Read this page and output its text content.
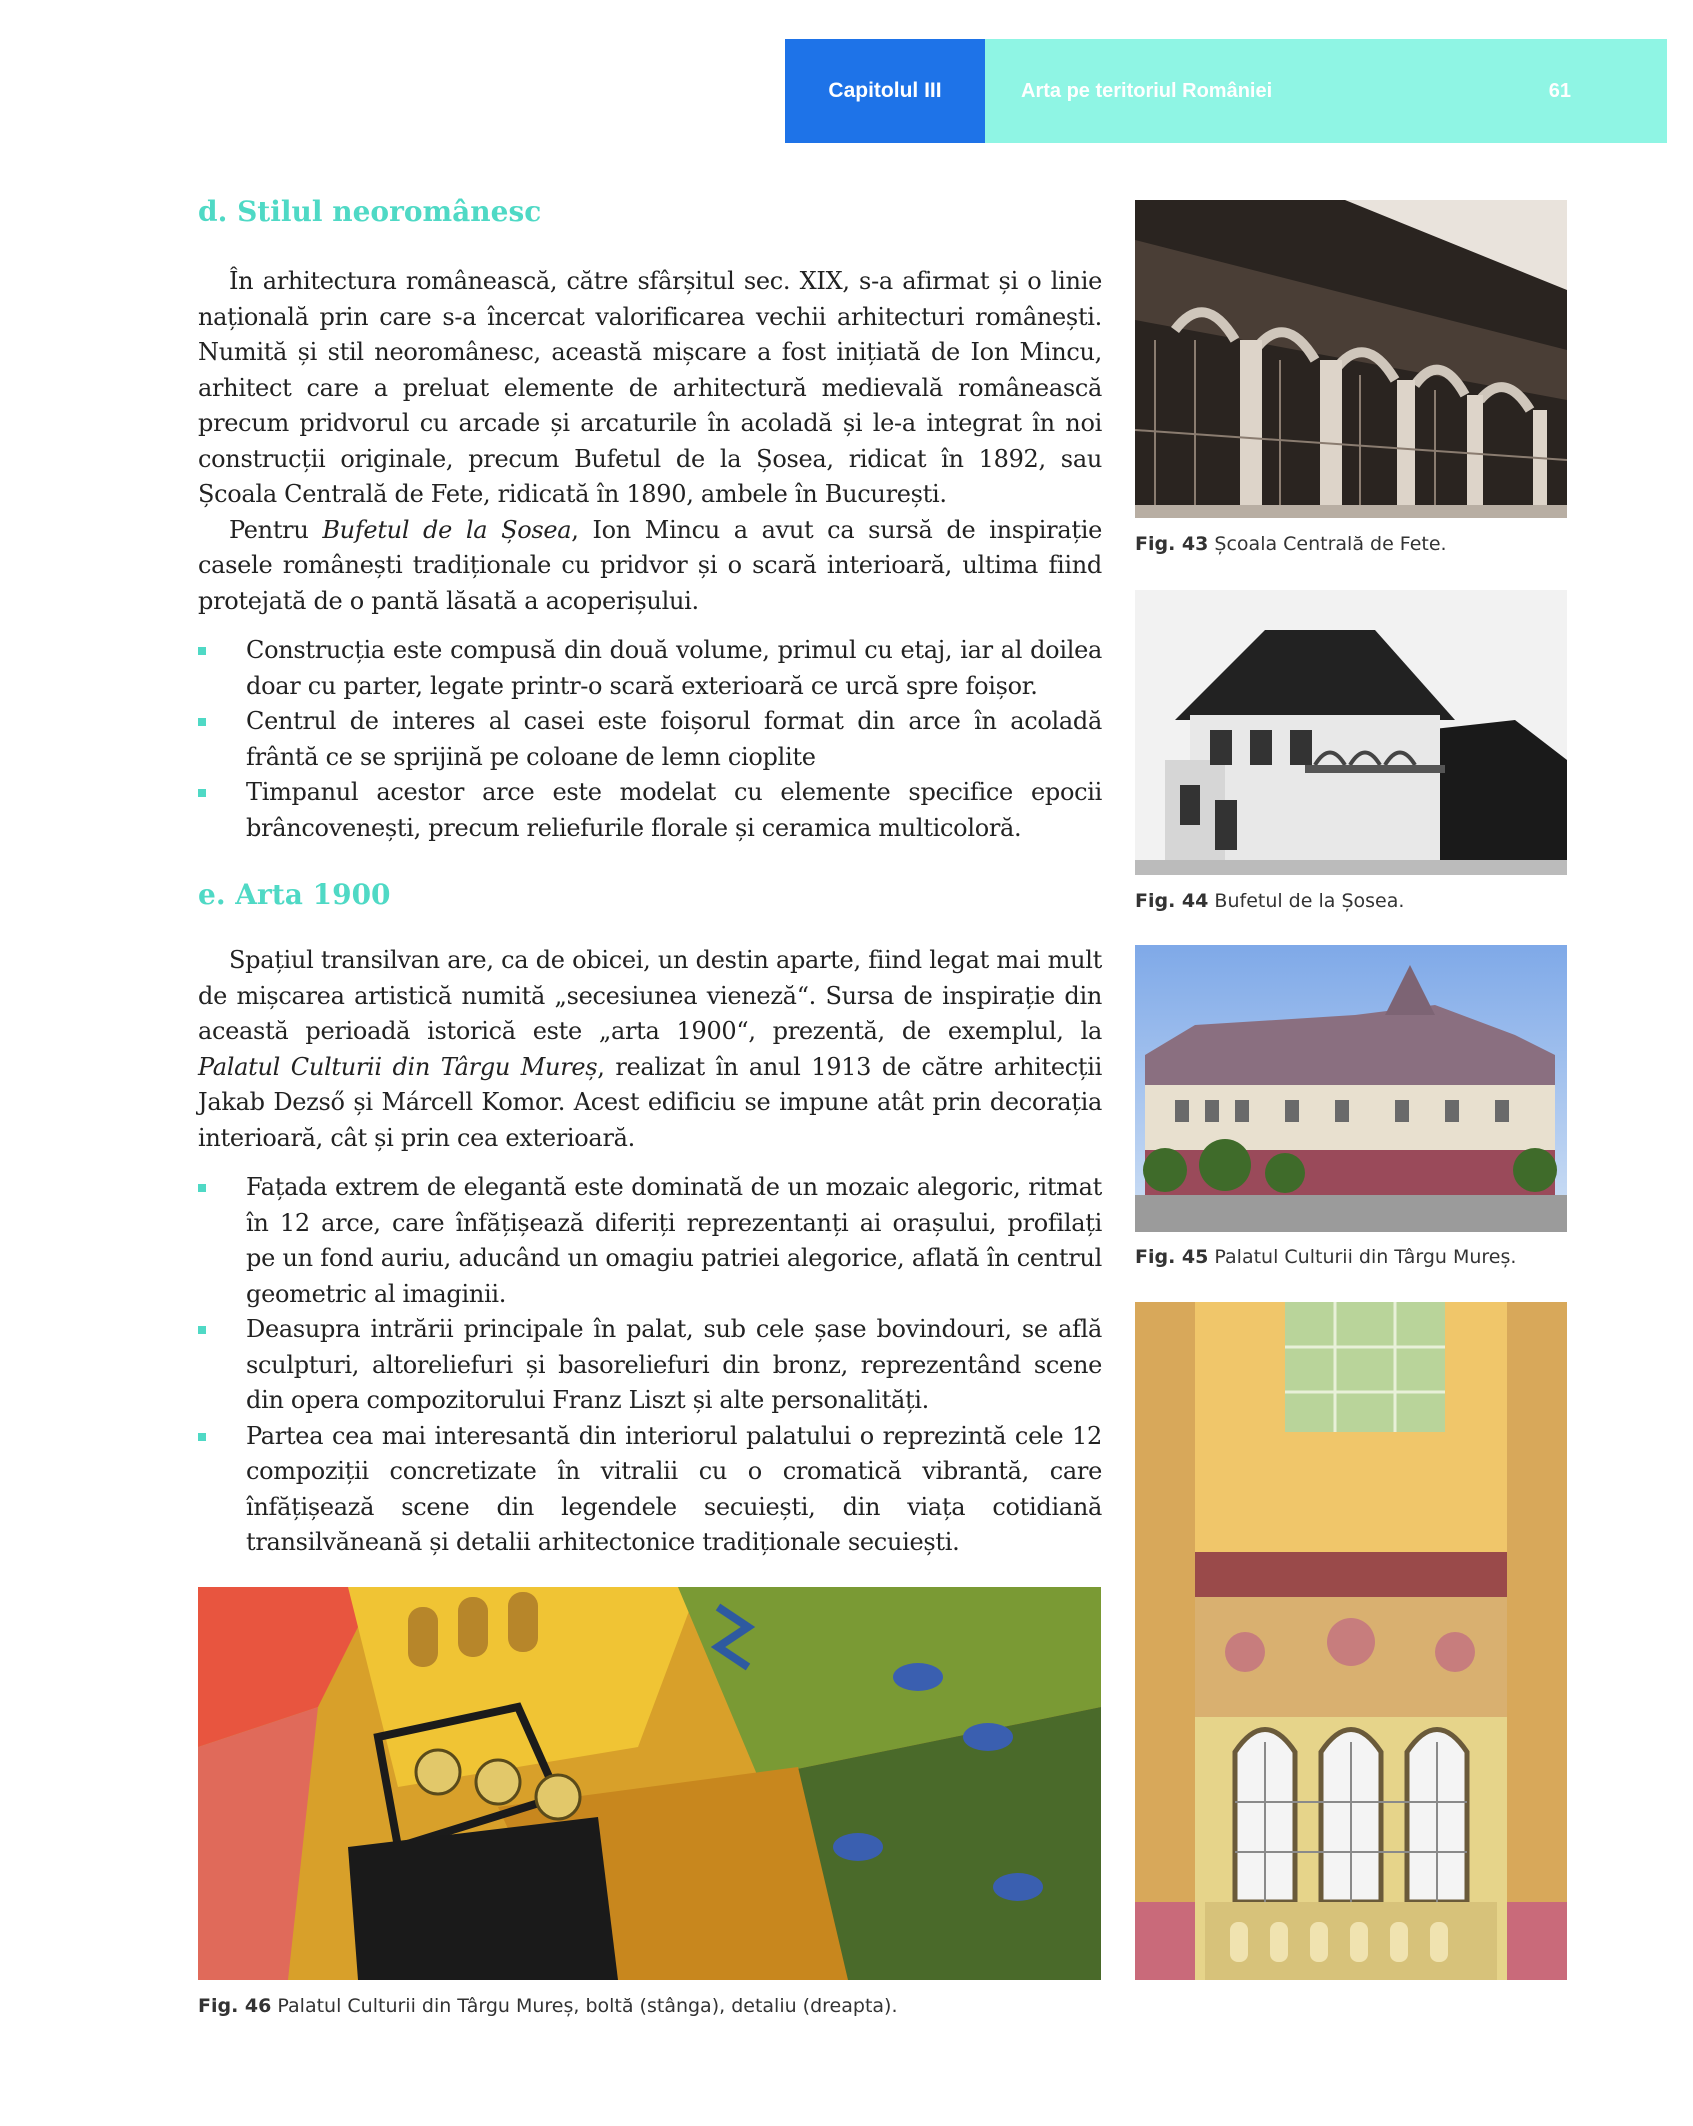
Capitolul III	Arta pe teritoriul României	61
d. Stilul neoromânesc

În arhitectura românească, către sfârșitul sec. XIX, s-a afirmat și o linie națională prin care s-a încercat valorificarea vechii arhitecturi românești. Numită și stil neoromânesc, această mișcare a fost inițiată de Ion Mincu, arhitect care a preluat elemente de arhitectură medievală românească precum pridvorul cu arcade și arcaturile în acoladă și le-a integrat în noi construcții originale, precum Bufetul de la Șosea, ridicat în 1892, sau Școala Centrală de Fete, ridicată în 1890, ambele în București.

Pentru Bufetul de la Șosea, Ion Mincu a avut ca sursă de inspirație casele românești tradiționale cu pridvor și o scară interioară, ultima fiind protejată de o pantă lăsată a acoperișului.

Construcția este compusă din două volume, primul cu etaj, iar al doilea doar cu parter, legate printr-o scară exterioară ce urcă spre foișor.
Centrul de interes al casei este foișorul format din arce în acoladă frântă ce se sprijină pe coloane de lemn cioplite
Timpanul acestor arce este modelat cu elemente specifice epocii brâncovenești, precum reliefurile florale și ceramica multicoloră.
e. Arta 1900

Spațiul transilvan are, ca de obicei, un destin aparte, fiind legat mai mult de mișcarea artistică numită „secesiunea vieneză“. Sursa de inspirație din această perioadă istorică este „arta 1900“, prezentă, de exemplul, la Palatul Culturii din Târgu Mureș, realizat în anul 1913 de către arhitecții Jakab Dezső și Márcell Komor. Acest edificiu se impune atât prin decorația interioară, cât și prin cea exterioară.

Fațada extrem de elegantă este dominată de un mozaic alegoric, ritmat în 12 arce, care înfățișează diferiți reprezentanți ai orașului, profilați pe un fond auriu, aducând un omagiu patriei alegorice, aflată în centrul geometric al imaginii.
Deasupra intrării principale în palat, sub cele șase bovindouri, se află sculpturi, altoreliefuri și basoreliefuri din bronz, reprezentând scene din opera compozitorului Franz Liszt și alte personalități.
Partea cea mai interesantă din interiorul palatului o reprezintă cele 12 compoziții concretizate în vitralii cu o cromatică vibrantă, care înfățișează scene din legendele secuiești, din viața cotidiană transilvăneană și detalii arhitectonice tradiționale secuiești.
Fig. 43 Școala Centrală de Fete.
Fig. 44 Bufetul de la Șosea.
Fig. 45 Palatul Culturii din Târgu Mureș.
Fig. 46 Palatul Culturii din Târgu Mureș, boltă (stânga), detaliu (dreapta).
